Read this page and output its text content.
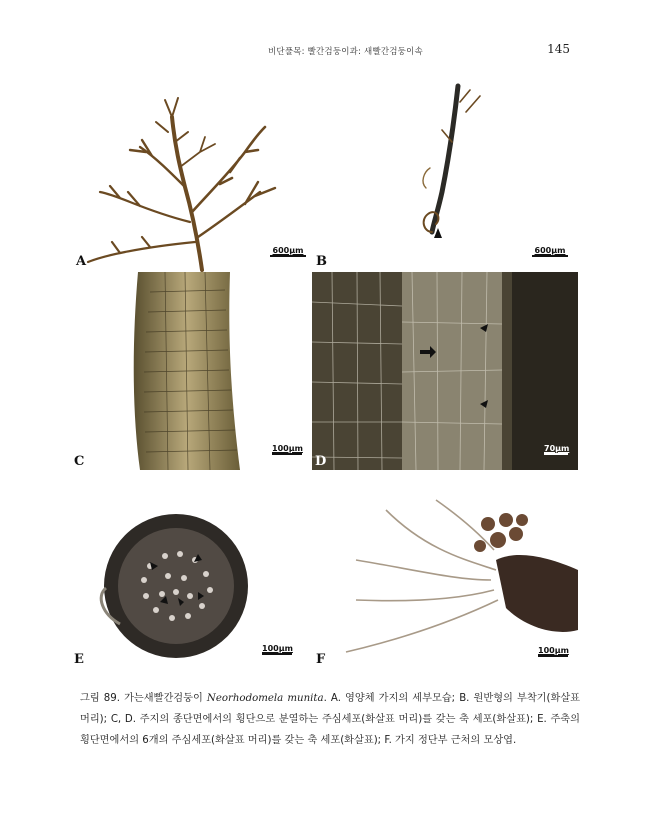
비단풀목: 빨간검둥이과: 새빨간검둥이속	145
A
600μm
B
600μm
C
100μm
D
70μm
E
100μm
F
100μm
그림 89. 가는새빨간검둥이 Neorhodomela munita. A. 영양체 가지의 세부모습; B. 원반형의 부착기(화살표 머리); C, D. 주지의 종단면에서의 횡단으로 분열하는 주심세포(화살표 머리)를 갖는 축 세포(화살표); E. 주축의 횡단면에서의 6개의 주심세포(화살표 머리)를 갖는 축 세포(화살표); F. 가지 정단부 근처의 모상엽.
